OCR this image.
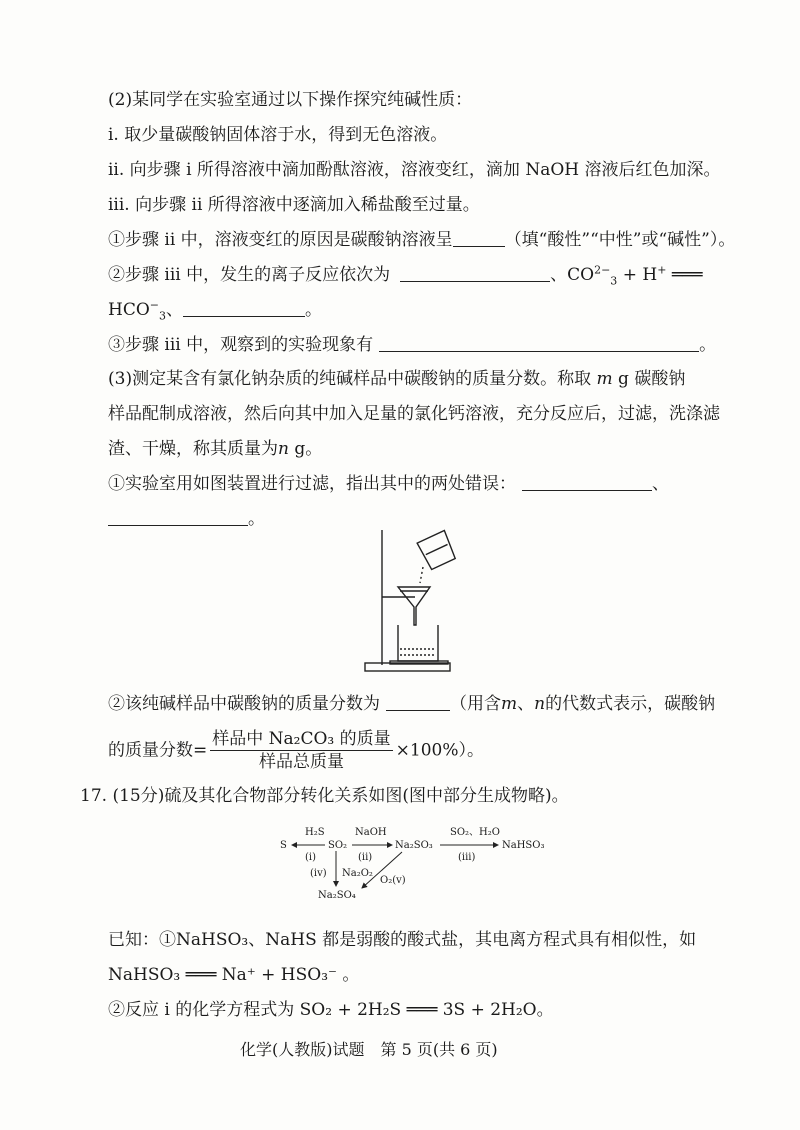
(2)某同学在实验室通过以下操作探究纯碱性质：
i. 取少量碳酸钠固体溶于水，得到无色溶液。
ii. 向步骤 i 所得溶液中滴加酚酞溶液，溶液变红，滴加 NaOH 溶液后红色加深。
iii. 向步骤 ii 所得溶液中逐滴加入稀盐酸至过量。
①步骤 ii 中，溶液变红的原因是碳酸钠溶液呈	（填“酸性”“中性”或“碱性”）。
②步骤 iii 中，发生的离子反应依次为	、$CO^{2-}_3 + H^+$ ═══
$HCO^-_3$、	。
③步骤 iii 中，观察到的实验现象有	。
(3)测定某含有氯化钠杂质的纯碱样品中碳酸钠的质量分数。称取 m g 碳酸钠
样品配制成溶液，然后向其中加入足量的氯化钙溶液，充分反应后，过滤，洗涤滤
渣、干燥，称其质量为n g。
①实验室用如图装置进行过滤，指出其中的两处错误：	、
。
②该纯碱样品中碳酸钠的质量分数为	（用含m、n的代数式表示，碳酸钠
的质量分数= $\frac{\text{样品中 Na₂CO₃ 的质量}}{\text{样品总质量}} \times 100\%$）。
17. (15分)硫及其化合物部分转化关系如图(图中部分生成物略)。
S	SO₂	Na₂SO₃	NaHSO₃
Na₂SO₄
H₂S
(i)
NaOH
(ii)
SO₂、H₂O
(iii)
(iv) Na₂O₂
O₂(v)
已知：①NaHSO₃、NaHS 都是弱酸的酸式盐，其电离方程式具有相似性，如
NaHSO₃ ═══ Na⁺ + HSO₃⁻ 。
②反应 i 的化学方程式为 SO₂ + 2H₂S ═══ 3S + 2H₂O。
化学(人教版)试题　第 5 页(共 6 页)
